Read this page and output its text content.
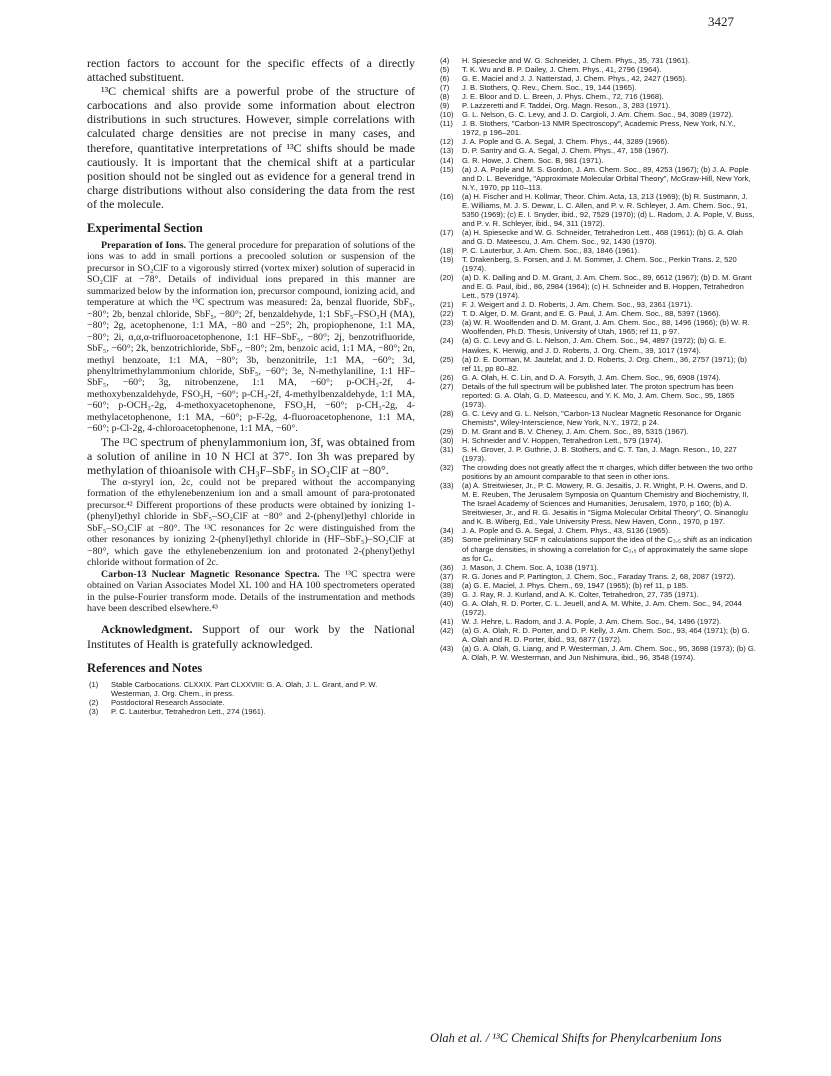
3427

rection factors to account for the specific effects of a directly attached substituent.

¹³C chemical shifts are a powerful probe of the structure of carbocations and also provide some information about electron distributions in such structures. However, simple correlations with calculated charge densities are not precise in many cases, and therefore, quantitative interpretations of ¹³C shifts should be made cautiously. It is important that the chemical shift at a particular position should not be singled out as evidence for a general trend in charge distributions without also considering the data from the rest of the molecule.

Experimental Section

Preparation of Ions. The general procedure for preparation of solutions of the ions was to add in small portions a precooled solution or suspension of the precursor in SO₂ClF to a vigorously stirred (vortex mixer) solution of superacid in SO₂ClF at −78°. Details of individual ions prepared in this manner are summarized below by the information ion, precursor compound, ionizing acid, and temperature at which the ¹³C spectrum was measured: 2a, benzal fluoride, SbF₅, −80°; 2b, benzal chloride, SbF₅, −80°; 2f, benzaldehyde, 1:1 SbF₅–FSO₃H (MA), −80°; 2g, acetophenone, 1:1 MA, −80 and −25°; 2h, propiophenone, 1:1 MA, −80°; 2i, α,α,α-trifluoroacetophenone, 1:1 HF–SbF₅, −80°; 2j, benzotrifluoride, SbF₅, −60°; 2k, benzotrichloride, SbF₅, −80°; 2m, benzoic acid, 1:1 MA, −80°; 2n, methyl benzoate, 1:1 MA, −80°; 3b, benzonitrile, 1:1 MA, −60°; 3d, phenyltrimethylammonium chloride, SbF₅, −60°; 3e, N-methylaniline, 1:1 HF–SbF₅, −60°; 3g, nitrobenzene, 1:1 MA, −60°; p-OCH₃-2f, 4-methoxybenzaldehyde, FSO₃H, −60°; p-CH₃-2f, 4-methylbenzaldehyde, 1:1 MA, −60°; p-OCH₃-2g, 4-methoxyacetophenone, FSO₃H, −60°; p-CH₃-2g, 4-methylacetophenone, 1:1 MA, −60°; p-F-2g, 4-fluoroacetophenone, 1:1 MA, −60°; p-Cl-2g, 4-chloroacetophenone, 1:1 MA, −60°.

The ¹³C spectrum of phenylammonium ion, 3f, was obtained from a solution of aniline in 10 N HCl at 37°. Ion 3h was prepared by methylation of thioanisole with CH₃F–SbF₅ in SO₂ClF at −80°.

The α-styryl ion, 2c, could not be prepared without the accompanying formation of the ethylenebenzenium ion and a small amount of para-protonated precursor.⁴² Different proportions of these products were obtained by ionizing 1-(phenyl)ethyl chloride in SbF₅–SO₂ClF at −80° and 2-(phenyl)ethyl chloride in SbF₅–SO₂ClF at −80°. The ¹³C resonances for 2c were distinguished from the other resonances by ionizing 2-(phenyl)ethyl chloride in (HF–SbF₅)–SO₂ClF at −80°, which gave the ethylenebenzenium ion and protonated 2-(phenyl)ethyl chloride without formation of 2c.

Carbon-13 Nuclear Magnetic Resonance Spectra. The ¹³C spectra were obtained on Varian Associates Model XL 100 and HA 100 spectrometers operated in the pulse-Fourier transform mode. Details of the instrumentation and methods have been described elsewhere.⁴³

Acknowledgment. Support of our work by the National Institutes of Health is gratefully acknowledged.

References and Notes
(1) Stable Carbocations. CLXXIX. Part CLXXVIII: G. A. Olah, J. L. Grant, and P. W. Westerman, J. Org. Chem., in press.
(2) Postdoctoral Research Associate.
(3) P. C. Lauterbur, Tetrahedron Lett., 274 (1961).
(4) H. Spiesecke and W. G. Schneider, J. Chem. Phys., 35, 731 (1961).
(5) T. K. Wu and B. P. Dailey, J. Chem. Phys., 41, 2796 (1964).
(6) G. E. Maciel and J. J. Natterstad, J. Chem. Phys., 42, 2427 (1965).
(7) J. B. Stothers, Q. Rev., Chem. Soc., 19, 144 (1965).
(8) J. E. Bloor and D. L. Breen, J. Phys. Chem., 72, 716 (1968).
(9) P. Lazzeretti and F. Taddei, Org. Magn. Reson., 3, 283 (1971).
(10) G. L. Nelson, G. C. Levy, and J. D. Cargioli, J. Am. Chem. Soc., 94, 3089 (1972).
(11) J. B. Stothers, "Carbon-13 NMR Spectroscopy", Academic Press, New York, N.Y., 1972, p 196–201.
(12) J. A. Pople and G. A. Segal, J. Chem. Phys., 44, 3289 (1966).
(13) D. P. Santry and G. A. Segal, J. Chem. Phys., 47, 158 (1967).
(14) G. R. Howe, J. Chem. Soc. B, 981 (1971).
(15) (a) J. A. Pople and M. S. Gordon, J. Am. Chem. Soc., 89, 4253 (1967); (b) J. A. Pople and D. L. Beveridge, "Approximate Molecular Orbital Theory", McGraw-Hill, New York, N.Y., 1970, pp 110–113.
(16) (a) H. Fischer and H. Kollmar, Theor. Chim. Acta, 13, 213 (1969); (b) R. Sustmann, J. E. Williams, M. J. S. Dewar, L. C. Allen, and P. v. R. Schleyer, J. Am. Chem. Soc., 91, 5350 (1969); (c) E. I. Snyder, ibid., 92, 7529 (1970); (d) L. Radom, J. A. Pople, V. Buss, and P. v. R. Schleyer, ibid., 94, 311 (1972).
(17) (a) H. Spiesecke and W. G. Schneider, Tetrahedron Lett., 468 (1961); (b) G. A. Olah and G. D. Mateescu, J. Am. Chem. Soc., 92, 1430 (1970).
(18) P. C. Lauterbur, J. Am. Chem. Soc., 83, 1846 (1961).
(19) T. Drakenberg, S. Forsen, and J. M. Sommer, J. Chem. Soc., Perkin Trans. 2, 520 (1974).
(20) (a) D. K. Dalling and D. M. Grant, J. Am. Chem. Soc., 89, 6612 (1967); (b) D. M. Grant and E. G. Paul, ibid., 86, 2984 (1964); (c) H. Schneider and B. Hoppen, Tetrahedron Lett., 579 (1974).
(21) F. J. Weigert and J. D. Roberts, J. Am. Chem. Soc., 93, 2361 (1971).
(22) T. D. Alger, D. M. Grant, and E. G. Paul, J. Am. Chem. Soc., 88, 5397 (1966).
(23) (a) W. R. Woolfenden and D. M. Grant, J. Am. Chem. Soc., 88, 1496 (1966); (b) W. R. Woolfenden, Ph.D. Thesis, University of Utah, 1965; ref 11, p 97.
(24) (a) G. C. Levy and G. L. Nelson, J. Am. Chem. Soc., 94, 4897 (1972); (b) G. E. Hawkes, K. Herwig, and J. D. Roberts, J. Org. Chem., 39, 1017 (1974).
(25) (a) D. E. Dorman, M. Jautelat, and J. D. Roberts, J. Org. Chem., 36, 2757 (1971); (b) ref 11, pp 80–82.
(26) G. A. Olah, H. C. Lin, and D. A. Forsyth, J. Am. Chem. Soc., 96, 6908 (1974).
(27) Details of the full spectrum will be published later. The proton spectrum has been reported: G. A. Olah, G. D. Mateescu, and Y. K. Mo, J. Am. Chem. Soc., 95, 1865 (1973).
(28) G. C. Levy and G. L. Nelson, "Carbon-13 Nuclear Magnetic Resonance for Organic Chemists", Wiley-Interscience, New York, N.Y., 1972, p 24.
(29) D. M. Grant and B. V. Cheney, J. Am. Chem. Soc., 89, 5315 (1967).
(30) H. Schneider and V. Hoppen, Tetrahedron Lett., 579 (1974).
(31) S. H. Grover, J. P. Guthrie, J. B. Stothers, and C. T. Tan, J. Magn. Reson., 10, 227 (1973).
(32) The crowding does not greatly affect the π charges, which differ between the two ortho positions by an amount comparable to that seen in other ions.
(33) (a) A. Streitwieser, Jr., P. C. Mowery, R. G. Jesaitis, J. R. Wright, P. H. Owens, and D. M. E. Reuben, The Jerusalem Symposia on Quantum Chemistry and Biochemistry, II, The Israel Academy of Sciences and Humanities, Jerusalem, 1970, p 160; (b) A. Streitwieser, Jr., and R. G. Jesaitis in "Sigma Molecular Orbital Theory", O. Sinanoglu and K. B. Wiberg, Ed., Yale University Press, New Haven, Conn., 1970, p 197.
(34) J. A. Pople and G. A. Segal, J. Chem. Phys., 43, S136 (1965).
(35) Some preliminary SCF π calculations support the idea of the C₃,₅ shift as an indication of charge densities, in showing a correlation for C₃,₅ of approximately the same slope as for C₄.
(36) J. Mason, J. Chem. Soc. A, 1038 (1971).
(37) R. G. Jones and P. Partington, J. Chem. Soc., Faraday Trans. 2, 68, 2087 (1972).
(38) (a) G. E. Maciel, J. Phys. Chem., 69, 1947 (1965); (b) ref 11, p 185.
(39) G. J. Ray, R. J. Kurland, and A. K. Colter, Tetrahedron, 27, 735 (1971).
(40) G. A. Olah, R. D. Porter, C. L. Jeuell, and A. M. White, J. Am. Chem. Soc., 94, 2044 (1972).
(41) W. J. Hehre, L. Radom, and J. A. Pople, J. Am. Chem. Soc., 94, 1496 (1972).
(42) (a) G. A. Olah, R. D. Porter, and D. P. Kelly, J. Am. Chem. Soc., 93, 464 (1971); (b) G. A. Olah and R. D. Porter, ibid., 93, 6877 (1972).
(43) (a) G. A. Olah, G. Liang, and P. Westerman, J. Am. Chem. Soc., 95, 3698 (1973); (b) G. A. Olah, P. W. Westerman, and Jun Nishimura, ibid., 96, 3548 (1974).
Olah et al. / ¹³C Chemical Shifts for Phenylcarbenium Ions
